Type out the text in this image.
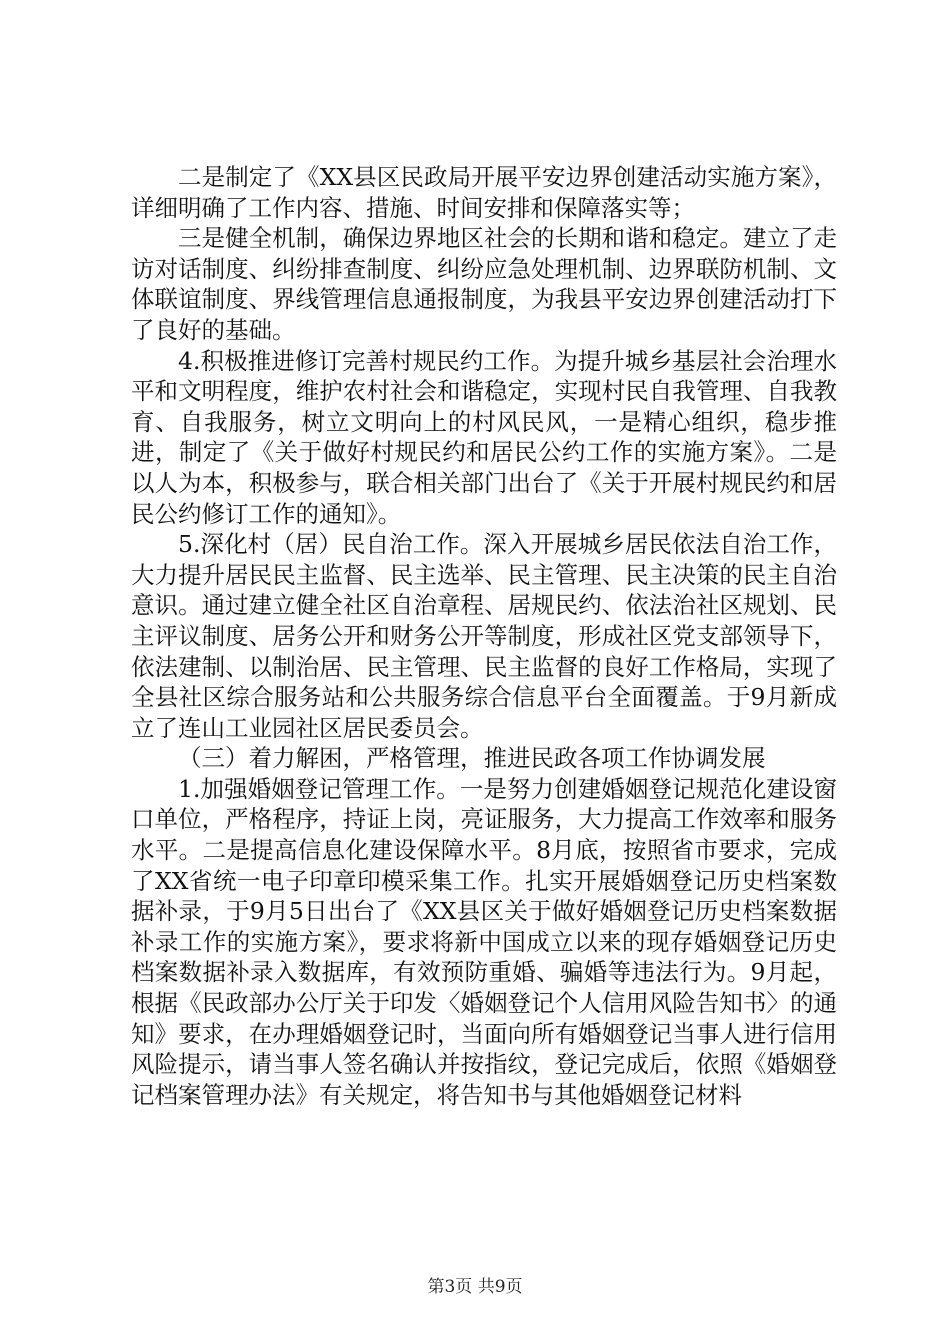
二是制定了《XX县区民政局开展平安边界创建活动实施方案》，详细明确了工作内容、措施、时间安排和保障落实等；

三是健全机制，确保边界地区社会的长期和谐和稳定。建立了走访对话制度、纠纷排查制度、纠纷应急处理机制、边界联防机制、文体联谊制度、界线管理信息通报制度，为我县平安边界创建活动打下了良好的基础。

4.积极推进修订完善村规民约工作。为提升城乡基层社会治理水平和文明程度，维护农村社会和谐稳定，实现村民自我管理、自我教育、自我服务，树立文明向上的村风民风，一是精心组织，稳步推进，制定了《关于做好村规民约和居民公约工作的实施方案》。二是以人为本，积极参与，联合相关部门出台了《关于开展村规民约和居民公约修订工作的通知》。

5.深化村（居）民自治工作。深入开展城乡居民依法自治工作，大力提升居民民主监督、民主选举、民主管理、民主决策的民主自治意识。通过建立健全社区自治章程、居规民约、依法治社区规划、民主评议制度、居务公开和财务公开等制度，形成社区党支部领导下，依法建制、以制治居、民主管理、民主监督的良好工作格局，实现了全县社区综合服务站和公共服务综合信息平台全面覆盖。于9月新成立了连山工业园社区居民委员会。

（三）着力解困，严格管理，推进民政各项工作协调发展

1.加强婚姻登记管理工作。一是努力创建婚姻登记规范化建设窗口单位，严格程序，持证上岗，亮证服务，大力提高工作效率和服务水平。二是提高信息化建设保障水平。8月底，按照省市要求，完成了XX省统一电子印章印模采集工作。扎实开展婚姻登记历史档案数据补录，于9月5日出台了《XX县区关于做好婚姻登记历史档案数据补录工作的实施方案》，要求将新中国成立以来的现存婚姻登记历史档案数据补录入数据库，有效预防重婚、骗婚等违法行为。9月起，根据《民政部办公厅关于印发〈婚姻登记个人信用风险告知书〉的通知》要求，在办理婚姻登记时，当面向所有婚姻登记当事人进行信用风险提示，请当事人签名确认并按指纹，登记完成后，依照《婚姻登记档案管理办法》有关规定，将告知书与其他婚姻登记材料

第3页 共9页
